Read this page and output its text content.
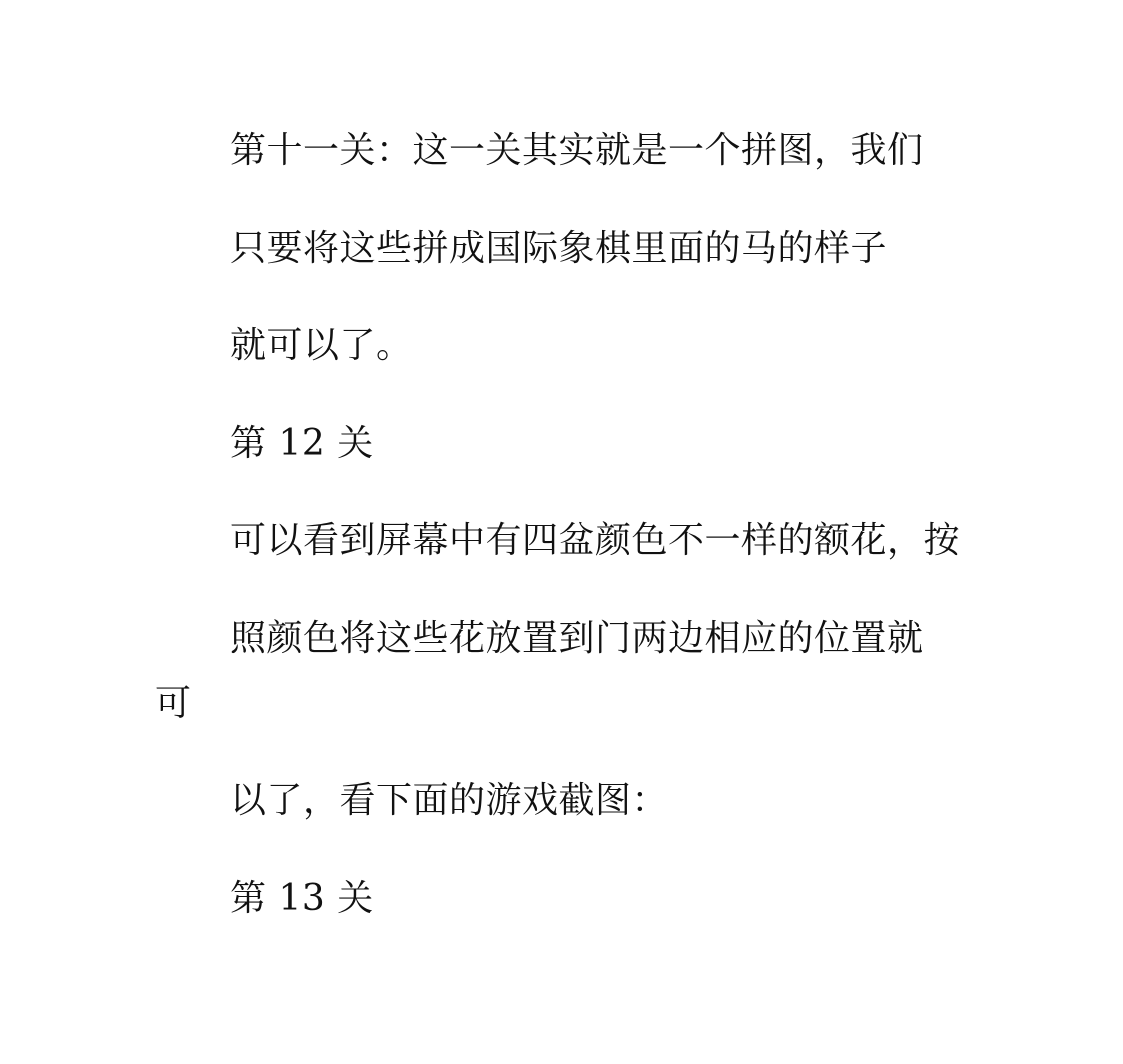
第十一关：这一关其实就是一个拼图，我们

只要将这些拼成国际象棋里面的马的样子

就可以了。

第 12 关

可以看到屏幕中有四盆颜色不一样的额花，按

照颜色将这些花放置到门两边相应的位置就

可

以了，看下面的游戏截图：

第 13 关
